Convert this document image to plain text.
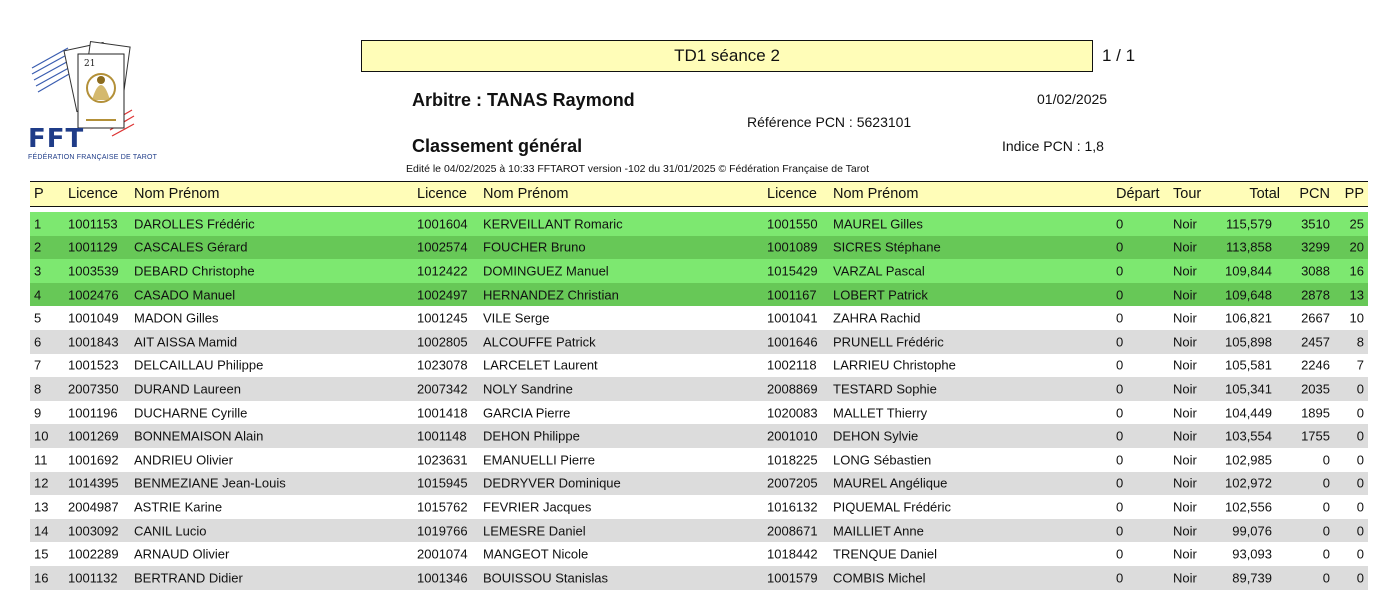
21
FFT
FÉDÉRATION FRANÇAISE DE TAROT
TD1 séance 2	1 / 1
Arbitre : TANAS Raymond	01/02/2025
Référence PCN : 5623101
Classement général	Indice PCN : 1,8
Edité le 04/02/2025 à 10:33 FFTAROT version -102 du 31/01/2025 © Fédération Française de Tarot
P Licence Nom Prénom	Licence Nom Prénom	Licence Nom Prénom	Départ Tour	Total PCN PP
1 1001153 DAROLLES Frédéric	1001604 KERVEILLANT Romaric	1001550 MAUREL Gilles	0	Noir 115,579 3510 25
2 1001129 CASCALES Gérard	1002574 FOUCHER Bruno	1001089 SICRES Stéphane	0	Noir 113,858 3299 20
3 1003539 DEBARD Christophe	1012422 DOMINGUEZ Manuel	1015429 VARZAL Pascal	0	Noir 109,844 3088 16
4 1002476 CASADO Manuel	1002497 HERNANDEZ Christian	1001167 LOBERT Patrick	0	Noir 109,648 2878 13
5 1001049 MADON Gilles	1001245 VILE Serge	1001041 ZAHRA Rachid	0	Noir 106,821 2667 10
6 1001843 AIT AISSA Mamid	1002805 ALCOUFFE Patrick	1001646 PRUNELL Frédéric	0	Noir 105,898 2457 8
7 1001523 DELCAILLAU Philippe	1023078 LARCELET Laurent	1002118 LARRIEU Christophe	0	Noir 105,581 2246 7
8 2007350 DURAND Laureen	2007342 NOLY Sandrine	2008869 TESTARD Sophie	0	Noir 105,341 2035 0
9 1001196 DUCHARNE Cyrille	1001418 GARCIA Pierre	1020083 MALLET Thierry	0	Noir 104,449 1895 0
10 1001269 BONNEMAISON Alain	1001148 DEHON Philippe	2001010 DEHON Sylvie	0	Noir 103,554 1755 0
11 1001692 ANDRIEU Olivier	1023631 EMANUELLI Pierre	1018225 LONG Sébastien	0	Noir 102,985	0 0
12 1014395 BENMEZIANE Jean-Louis	1015945 DEDRYVER Dominique	2007205 MAUREL Angélique	0	Noir 102,972	0 0
13 2004987 ASTRIE Karine	1015762 FEVRIER Jacques	1016132 PIQUEMAL Frédéric	0	Noir 102,556	0 0
14 1003092 CANIL Lucio	1019766 LEMESRE Daniel	2008671 MAILLIET Anne	0	Noir	99,076	0 0
15 1002289 ARNAUD Olivier	2001074 MANGEOT Nicole	1018442 TRENQUE Daniel	0	Noir	93,093	0 0
16 1001132 BERTRAND Didier	1001346 BOUISSOU Stanislas	1001579 COMBIS Michel	0	Noir	89,739	0 0
